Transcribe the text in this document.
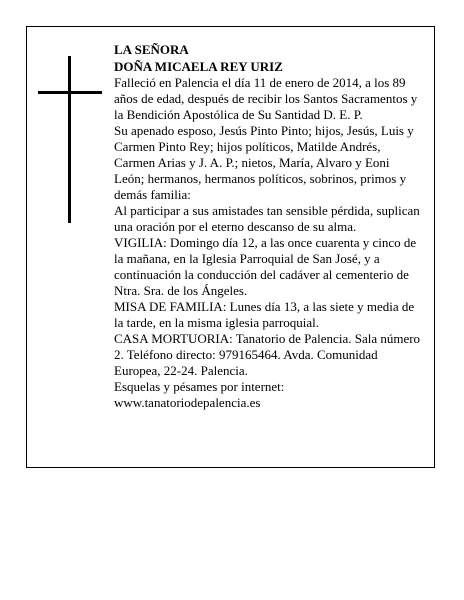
LA SEÑORA

DOÑA MICAELA REY URIZ

Falleció en Palencia el día 11 de enero de 2014, a los 89 años de edad, después de recibir los Santos Sacramentos y la Bendición Apostólica de Su Santidad D. E. P.

Su apenado esposo, Jesús Pinto Pinto; hijos, Jesús, Luis y Carmen Pinto Rey; hijos políticos, Matilde Andrés, Carmen Arias y J. A. P.; nietos, María, Alvaro y Eoni León; hermanos, hermanos políticos, sobrinos, primos y demás familia:

Al participar a sus amistades tan sensible pérdida, suplican una oración por el eterno descanso de su alma.

VIGILIA: Domingo día 12, a las once cuarenta y cinco de la mañana, en la Iglesia Parroquial de San José, y a continuación la conducción del cadáver al cementerio de Ntra. Sra. de los Ángeles.

MISA DE FAMILIA: Lunes día 13, a las siete y media de la tarde, en la misma iglesia parroquial.

CASA MORTUORIA: Tanatorio de Palencia. Sala número 2. Teléfono directo: 979165464. Avda. Comunidad Europea, 22-24. Palencia.

Esquelas y pésames por internet: www.tanatoriodepalencia.es
